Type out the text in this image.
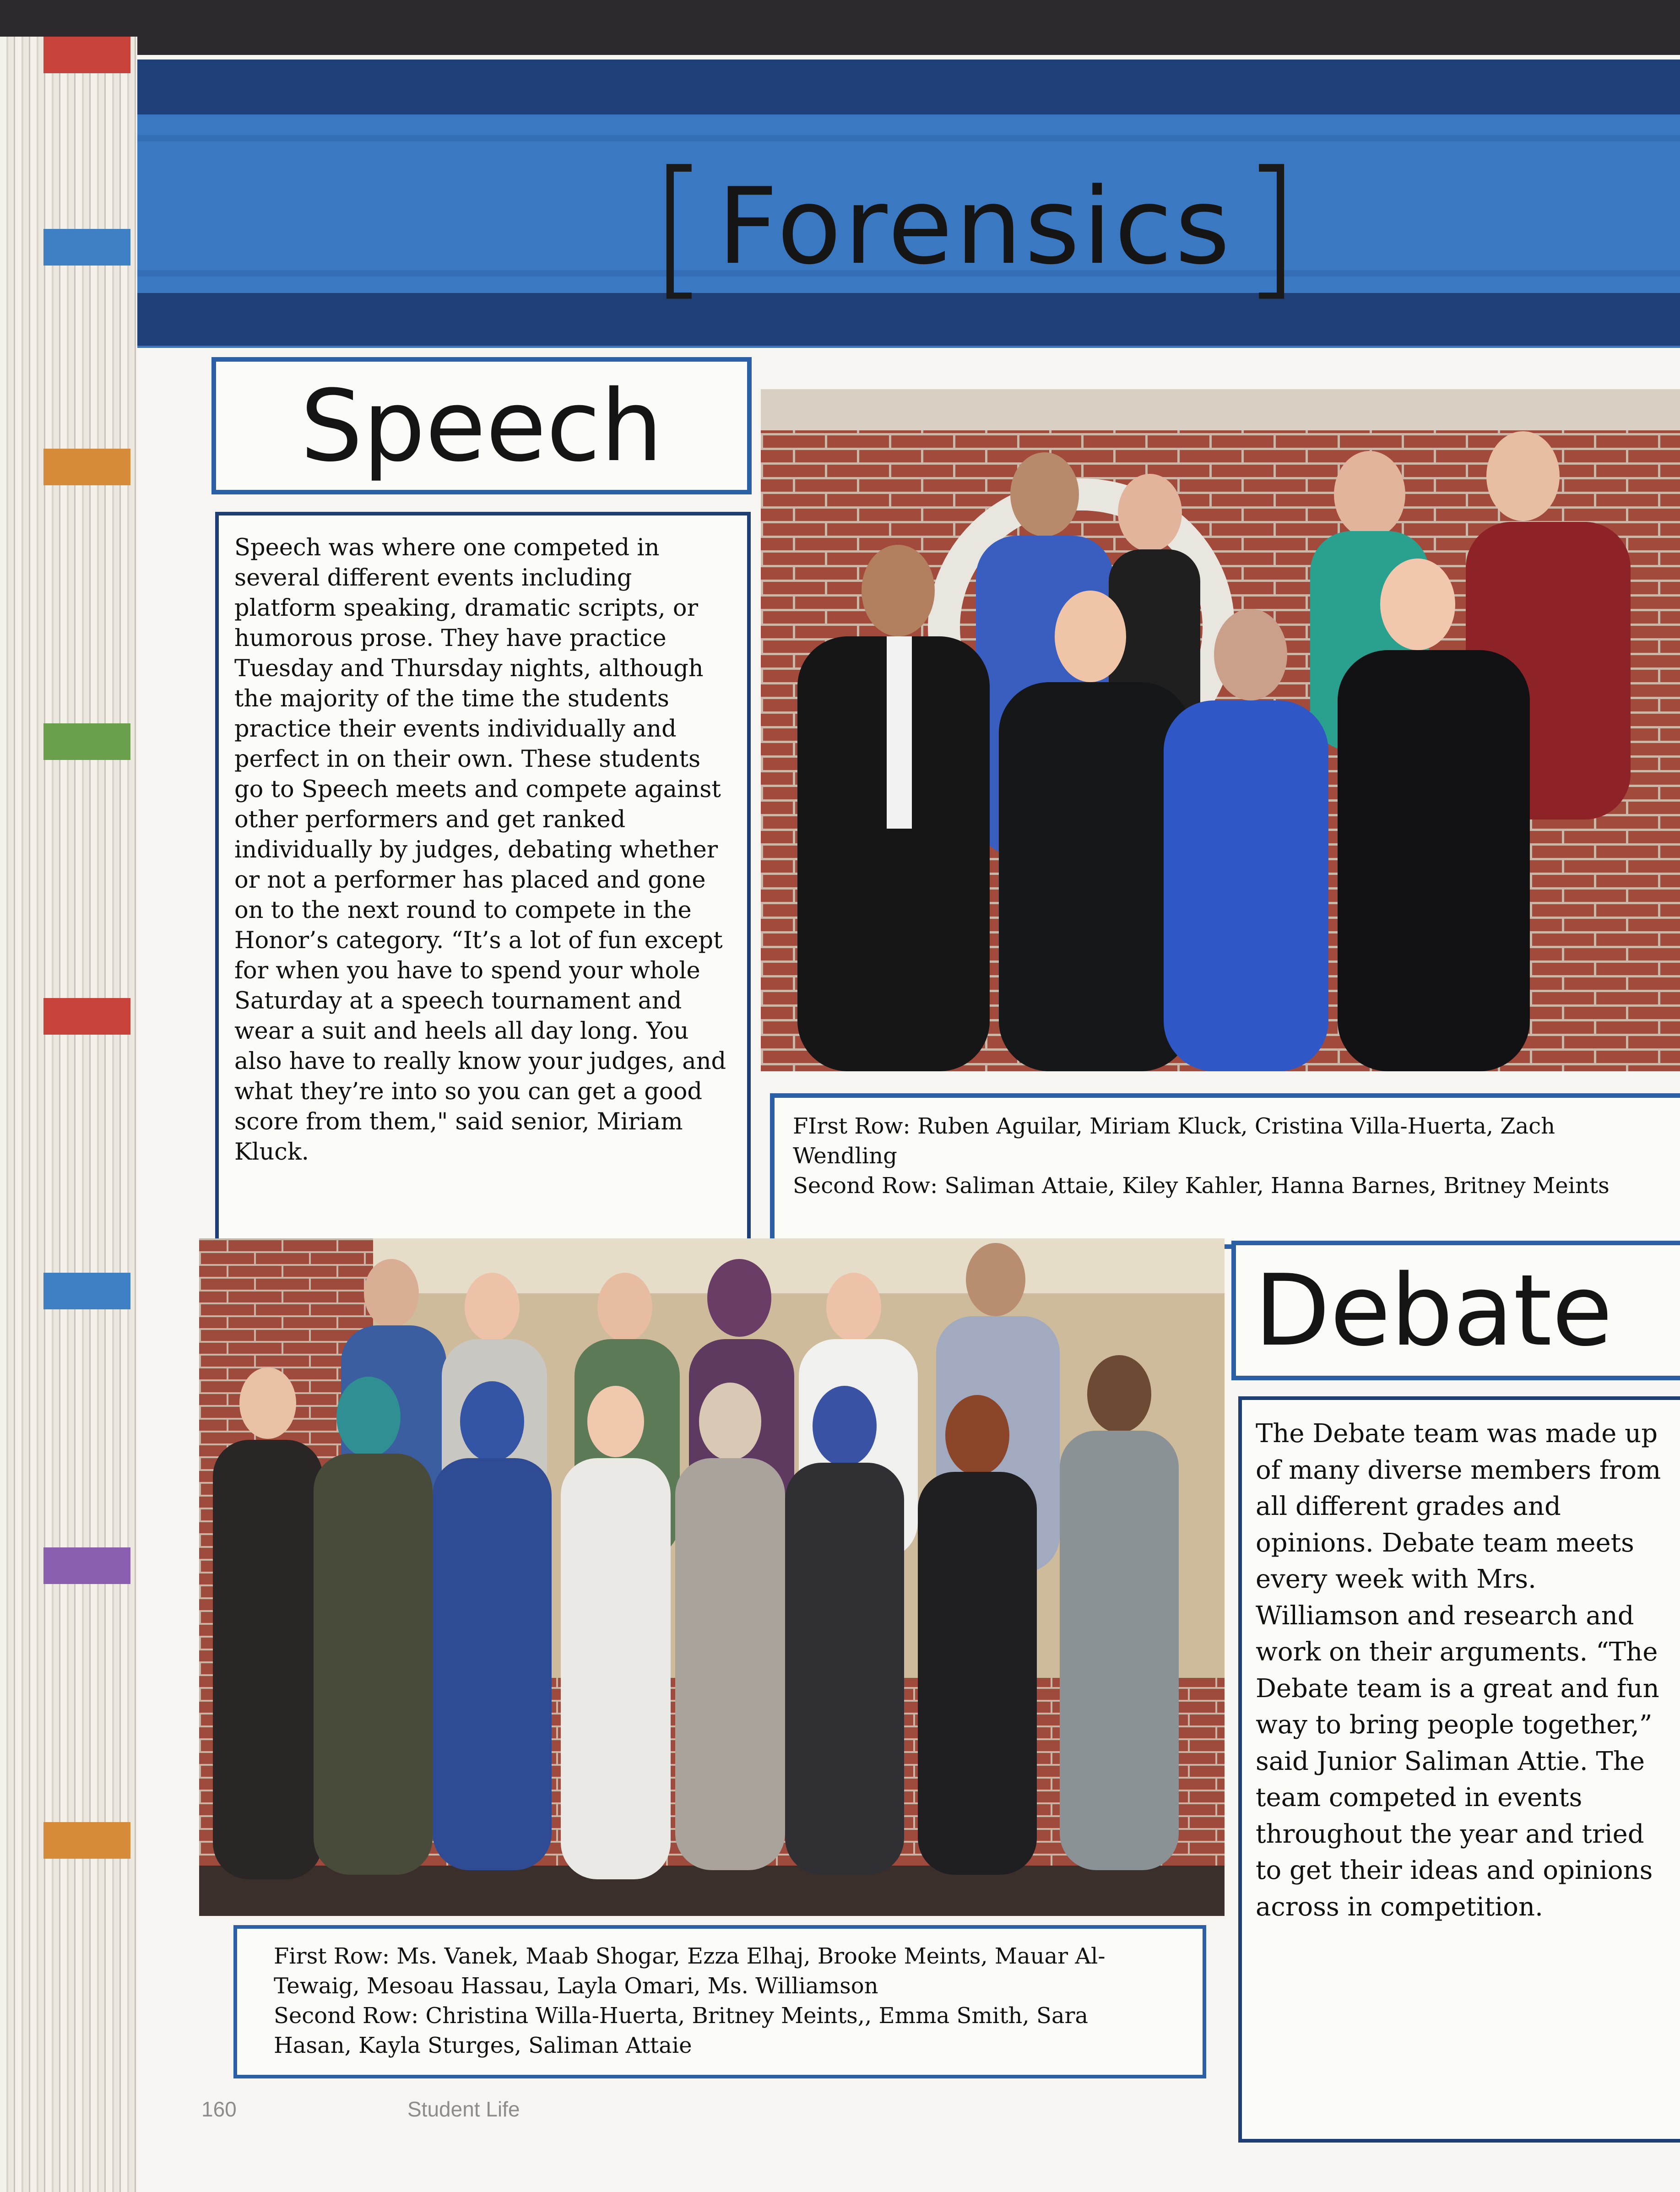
[ Forensics ]
Speech
Speech was where one competed in several different events including platform speaking, dramatic scripts, or humorous prose. They have practice Tuesday and Thursday nights, although the majority of the time the students practice their events individually and perfect in on their own. These students go to Speech meets and compete against other performers and get ranked individually by judges, debating whether or not a performer has placed and gone on to the next round to compete in the Honor’s category. “It’s a lot of fun except for when you have to spend your whole Saturday at a speech tournament and wear a suit and heels all day long. You also have to really know your judges, and what they’re into so you can get a good score from them," said senior, Miriam Kluck.
FIrst Row: Ruben Aguilar, Miriam Kluck, Cristina Villa-Huerta, Zach Wendling
Second Row: Saliman Attaie, Kiley Kahler, Hanna Barnes, Britney Meints
First Row: Ms. Vanek, Maab Shogar, Ezza Elhaj, Brooke Meints, Mauar Al-Tewaig, Mesoau Hassau, Layla Omari, Ms. Williamson
Second Row: Christina Willa-Huerta, Britney Meints,, Emma Smith, Sara Hasan, Kayla Sturges, Saliman Attaie
Debate
The Debate team was made up of many diverse members from all different grades and opinions. Debate team meets every week with Mrs. Williamson and research and work on their arguments. “The Debate team is a great and fun way to bring people together,” said Junior Saliman Attie. The team competed in events throughout the year and tried to get their ideas and opinions across in competition.
160	Student Life
